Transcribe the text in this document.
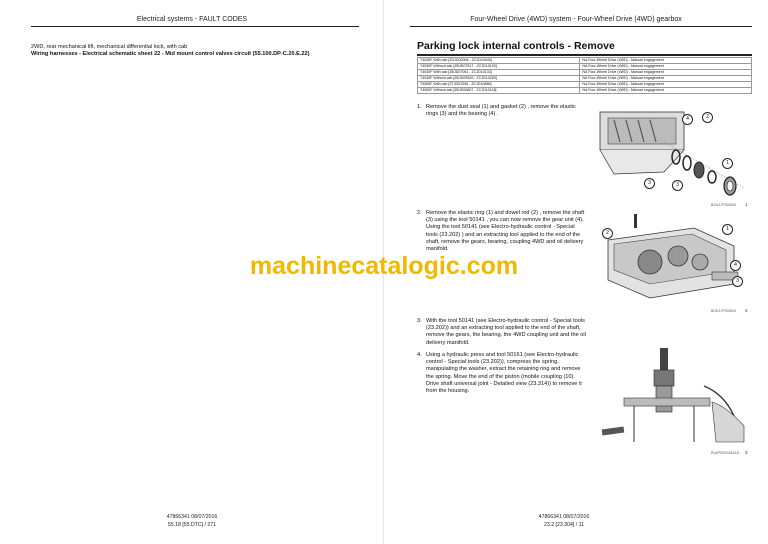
Electrical systems - FAULT CODES
2WD, rear mechanical lift, mechanical differential lock, with cab
Wiring harnesses - Electrical schematic sheet 22 - Mid mount control valves circuit (55.100.DP-C.20.E.22)
47866341 08/07/2016
55.18 [55.DTC] / 271
Four-Wheel Drive (4WD) system - Four-Wheel Drive (4WD) gearbox
Parking lock internal controls - Remove
T4030F With cab [ZDJD03006 - ZCJD10040]	NA Four-Wheel Drive (4WD) - Manual engagement
T4030F Without cab [ZBJD07517 - ZCJD10193]	NA Four-Wheel Drive (4WD) - Manual engagement
T4040F With cab [ZBJD07061 - ZCJD10133]	NA Four-Wheel Drive (4WD) - Manual engagement
T4040F Without cab [ZBJD05509 - ZCJD10250]	NA Four-Wheel Drive (4WD) - Manual engagement
T4050F With cab [ZTJD01008 - ZCJD10886]	NA Four-Wheel Drive (4WD) - Manual engagement
T4050F Without cab [ZBJD06807 - ZCJD10118]	NA Four-Wheel Drive (4WD) - Manual engagement
1. Remove the dust seal (1) and gasket (2) , remove the elastic rings (3) and the bearing (4) .
2. Remove the elastic ring (1) and dowel rod (2) , remove the shaft (3) using the tool 50141 , you can now remove the gear unit (4). Using the tool 50141 (see Electro-hydraulic control - Special tools (23.202) ) and an extracting tool applied to the end of the shaft, remove the gears, bearing, coupling 4WD and oil delivery manifold.
3. With the tool 50141 (see Electro-hydraulic control - Special tools (23.202)) and an extracting tool applied to the end of the shaft, remove the gears, the bearing, the 4WD coupling unit and the oil delivery manifold.
4. Using a hydraulic press and tool 50161 (see Electro-hydraulic control - Special tools (23.202)), compress the spring, manipulating the washer, extract the retaining ring and remove the spring. Move the end of the piston (mobile coupling (10). Drive shaft universal joint - Detailed view (23.314)) to remove it from the housing.
1
2
3	3
4
BOIL17F003003 1
1
2
3
4
BOIL17F003004 2
RUKP00D015A1/0 3
47866341 08/07/2016
23.2 [23.304] / 11
machinecatalogic.com
